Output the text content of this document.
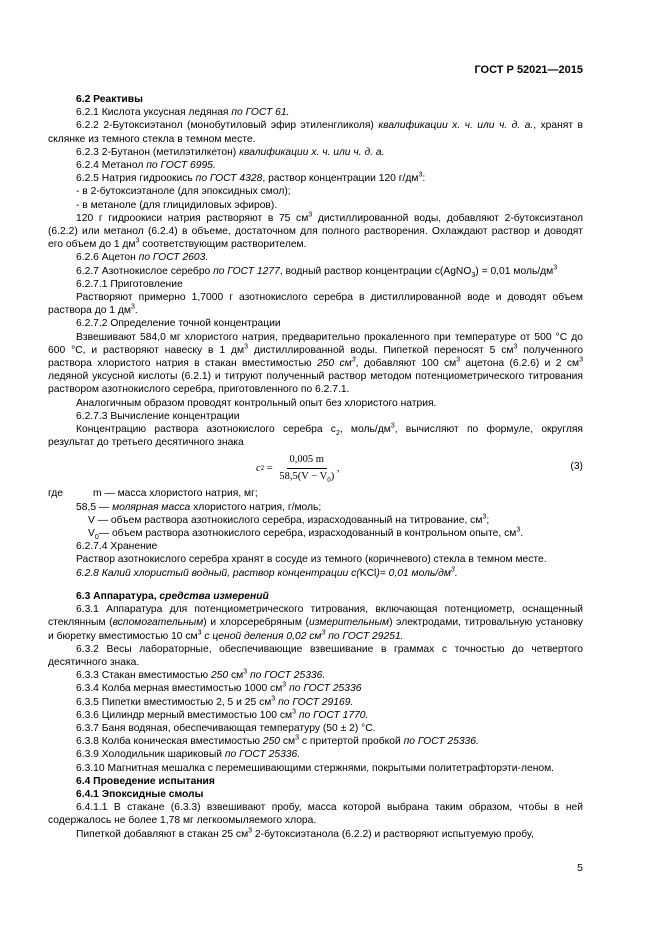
ГОСТ Р 52021—2015

6.2 Реактивы

6.2.1 Кислота уксусная ледяная по ГОСТ 61.

6.2.2 2-Бутоксиэтанол (монобутиловый эфир этиленгликоля) квалификации х. ч. или ч. д. а., хранят в склянке из темного стекла в темном месте.

6.2.3 2-Бутанон (метилэтилкетон) квалификации х. ч. или ч. д. а.

6.2.4 Метанол по ГОСТ 6995.

6.2.5 Натрия гидроокись по ГОСТ 4328, раствор концентрации 120 $г/дм^3$:

- в 2-бутоксиэтаноле (для эпоксидных смол);

- в метаноле (для глицидиловых эфиров).

120 г гидроокиси натрия растворяют в 75 $см^3$ дистиллированной воды, добавляют 2-бутоксиэтанол (6.2.2) или метанол (6.2.4) в объеме, достаточном для полного растворения. Охлаждают раствор и доводят его объем до 1 $дм^3$ соответствующим растворителем.

6.2.6 Ацетон по ГОСТ 2603.

6.2.7 Азотнокислое серебро по ГОСТ 1277, водный раствор концентрации c(AgNO$_3$) = 0,01 моль/$дм^3$

6.2.7.1 Приготовление

Растворяют примерно 1,7000 г азотнокислого серебра в дистиллированной воде и доводят объем раствора до 1 $дм^3$.

6.2.7.2 Определение точной концентрации

Взвешивают 584,0 мг хлористого натрия, предварительно прокаленного при температуре от 500 °С до 600 °С, и растворяют навеску в 1 $дм^3$ дистиллированной воды. Пипеткой переносят 5 $см^3$ полученного раствора хлористого натрия в стакан вместимостью 250 $см^3$, добавляют 100 $см^3$ ацетона (6.2.6) и 2 $см^3$ ледяной уксусной кислоты (6.2.1) и титруют полученный раствор методом потенциометрического титрования раствором азотнокислого серебра, приготовленного по 6.2.7.1.

Аналогичным образом проводят контрольный опыт без хлористого натрия.

6.2.7.3 Вычисление концентрации

Концентрацию раствора азотнокислого серебра $c_2$, моль/$дм^3$, вычисляют по формуле, округляя результат до третьего десятичного знака

c $2 = \frac{0,005 m}{58,5(V - V_0)}$ ,	(3)
где	m — масса хлористого натрия, мг;

58,5 — молярная масса хлористого натрия, г/моль;

V — объем раствора азотнокислого серебра, израсходованный на титрование, $см^3$;

$V_0—$ объем раствора азотнокислого серебра, израсходованный в контрольном опыте, $см^3$.

6.2.7.4 Хранение

Раствор азотнокислого серебра хранят в сосуде из темного (коричневого) стекла в темном месте.

6.2.8 Калий хлористый водный, раствор концентрации c(KCl)= 0,01 моль/$дм^3$.

6.3 Аппаратура, средства измерений

6.3.1 Аппаратура для потенциометрического титрования, включающая потенциометр, оснащенный стеклянным (вспомогательным) и хлорсеребряным (измерительным) электродами, титровальную установку и бюретку вместимостью 10 $см^3$ с ценой деления 0,02 $см^3$ по ГОСТ 29251.

6.3.2 Весы лабораторные, обеспечивающие взвешивание в граммах с точностью до четвертого десятичного знака.

6.3.3 Стакан вместимостью 250 $см^3$ по ГОСТ 25336.

6.3.4 Колба мерная вместимостью 1000 $см^3$ по ГОСТ 25336

6.3.5 Пипетки вместимостью 2, 5 и 25 $см^3$ по ГОСТ 29169.

6.3.6 Цилиндр мерный вместимостью 100 $см^3$ по ГОСТ 1770.

6.3.7 Баня водяная, обеспечивающая температуру (50 ± 2) °С.

6.3.8 Колба коническая вместимостью 250 $см^3$ с притертой пробкой по ГОСТ 25336.

6.3.9 Холодильник шариковый по ГОСТ 25336.

6.3.10 Магнитная мешалка с перемешивающими стержнями, покрытыми политетрафторэти-леном.

6.4 Проведение испытания

6.4.1 Эпоксидные смолы

6.4.1.1 В стакане (6.3.3) взвешивают пробу, масса которой выбрана таким образом, чтобы в ней содержалось не более 1,78 мг легкоомыляемого хлора.

Пипеткой добавляют в стакан 25 $см^3$ 2-бутоксиэтанола (6.2.2) и растворяют испытуемую пробу,

5
